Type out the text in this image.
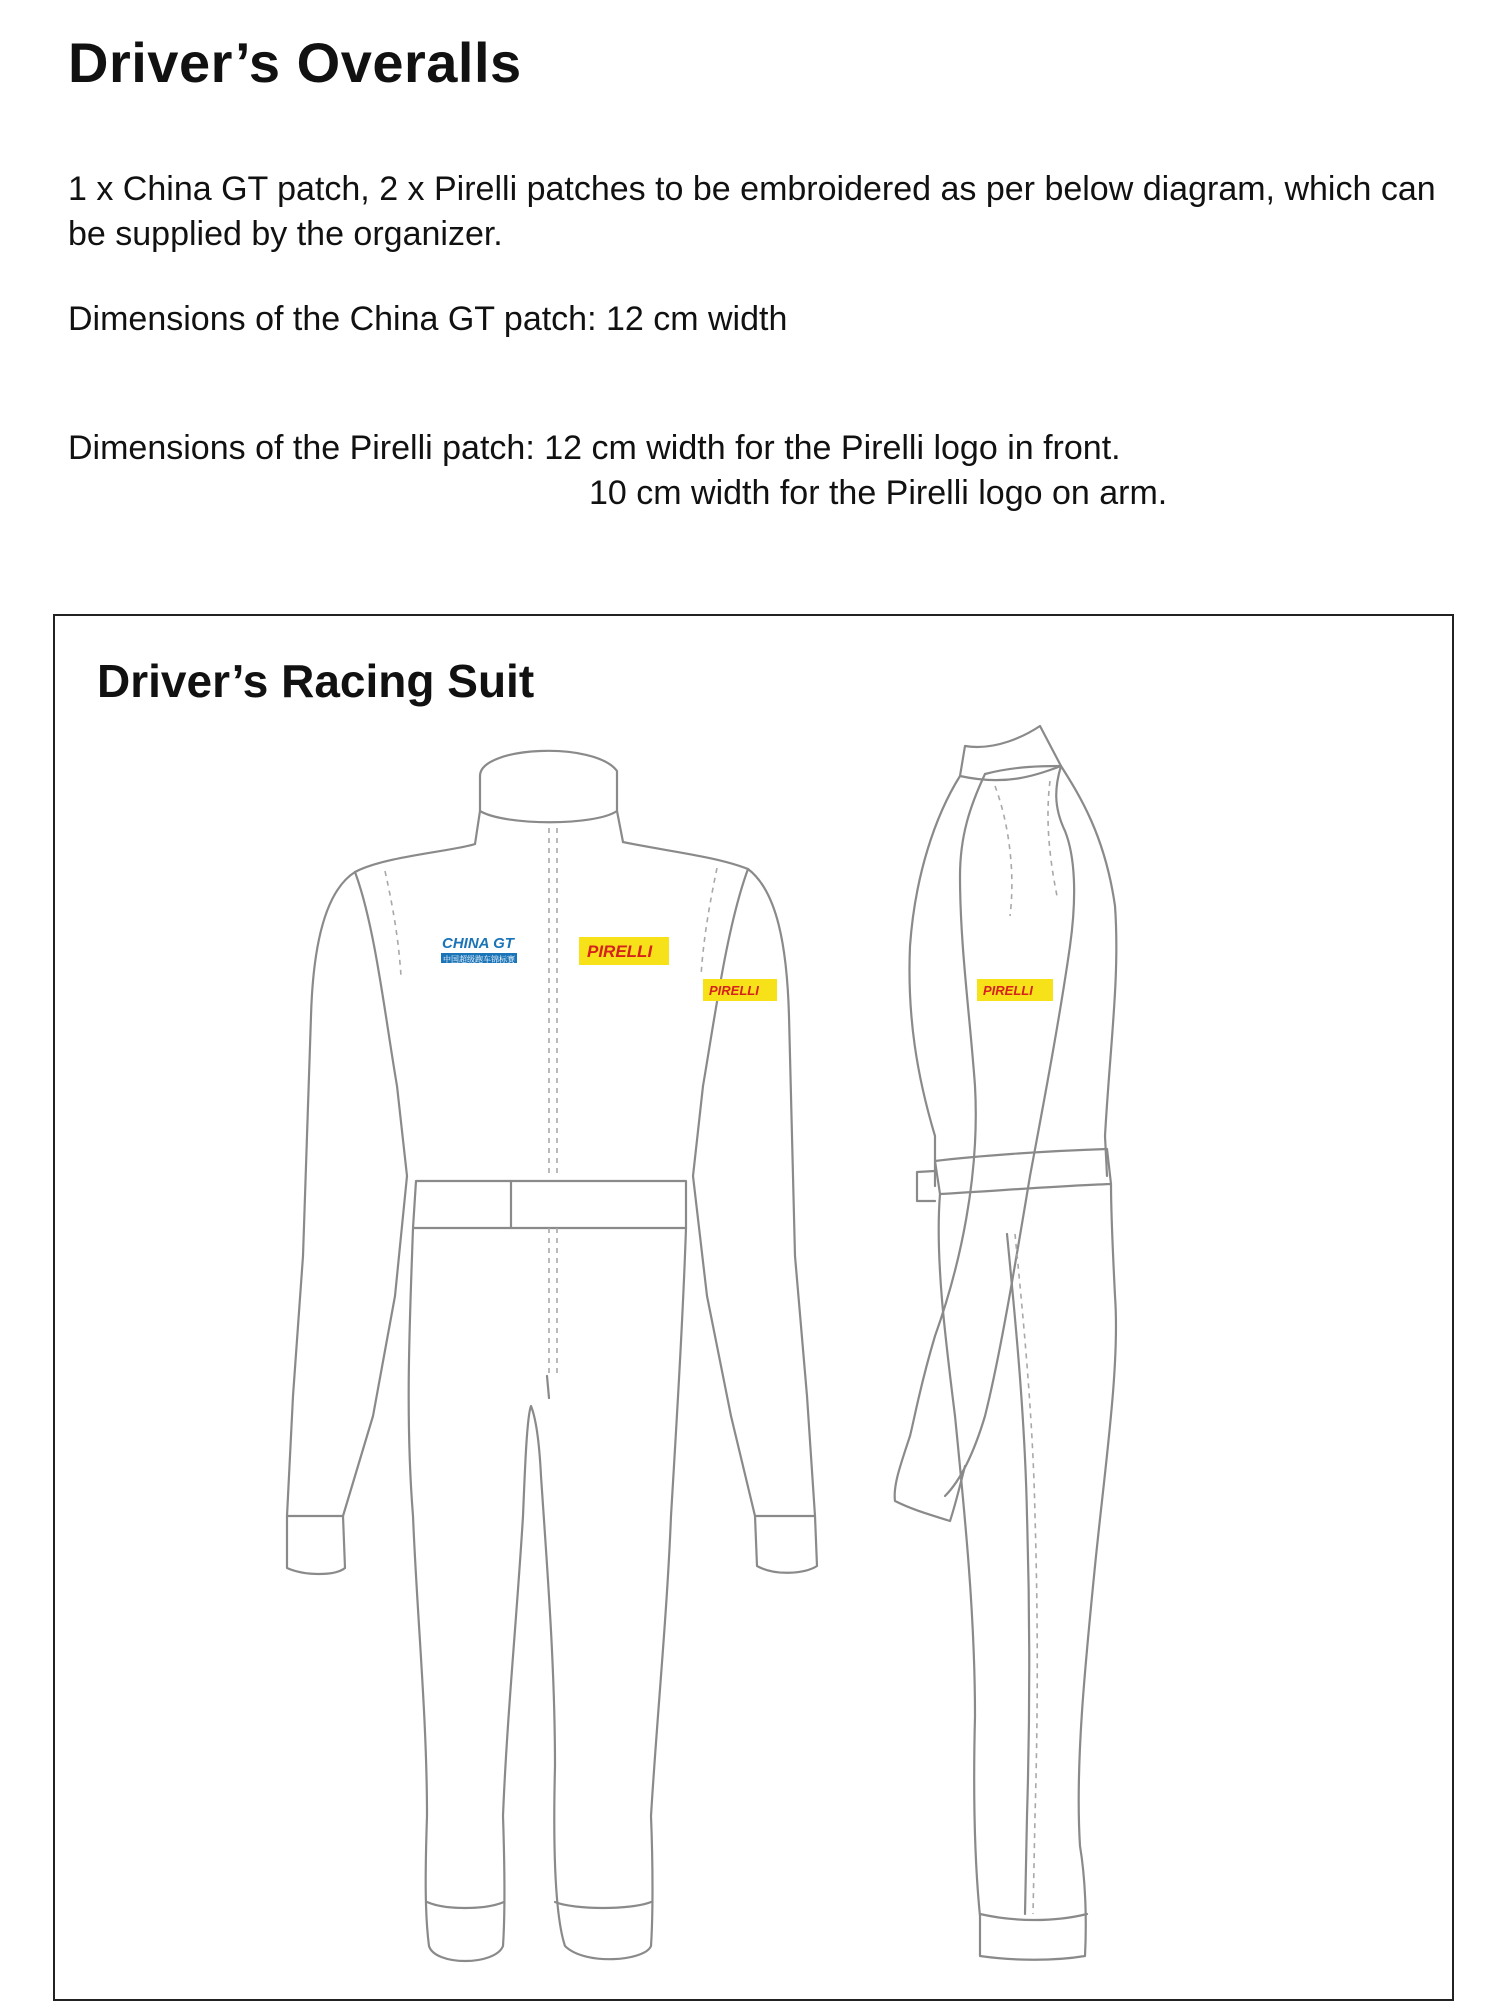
Driver’s Overalls

1 x China GT patch, 2 x Pirelli patches to be embroidered as per below diagram, which can be supplied by the organizer.

Dimensions of the China GT patch: 12 cm width

Dimensions of the Pirelli patch: 12 cm width for the Pirelli logo in front.

10 cm width for the Pirelli logo on arm.

Driver’s Racing Suit
CHINA GT
中国超级跑车锦标赛	PIRELLI
PIRELLI	PIRELLI
